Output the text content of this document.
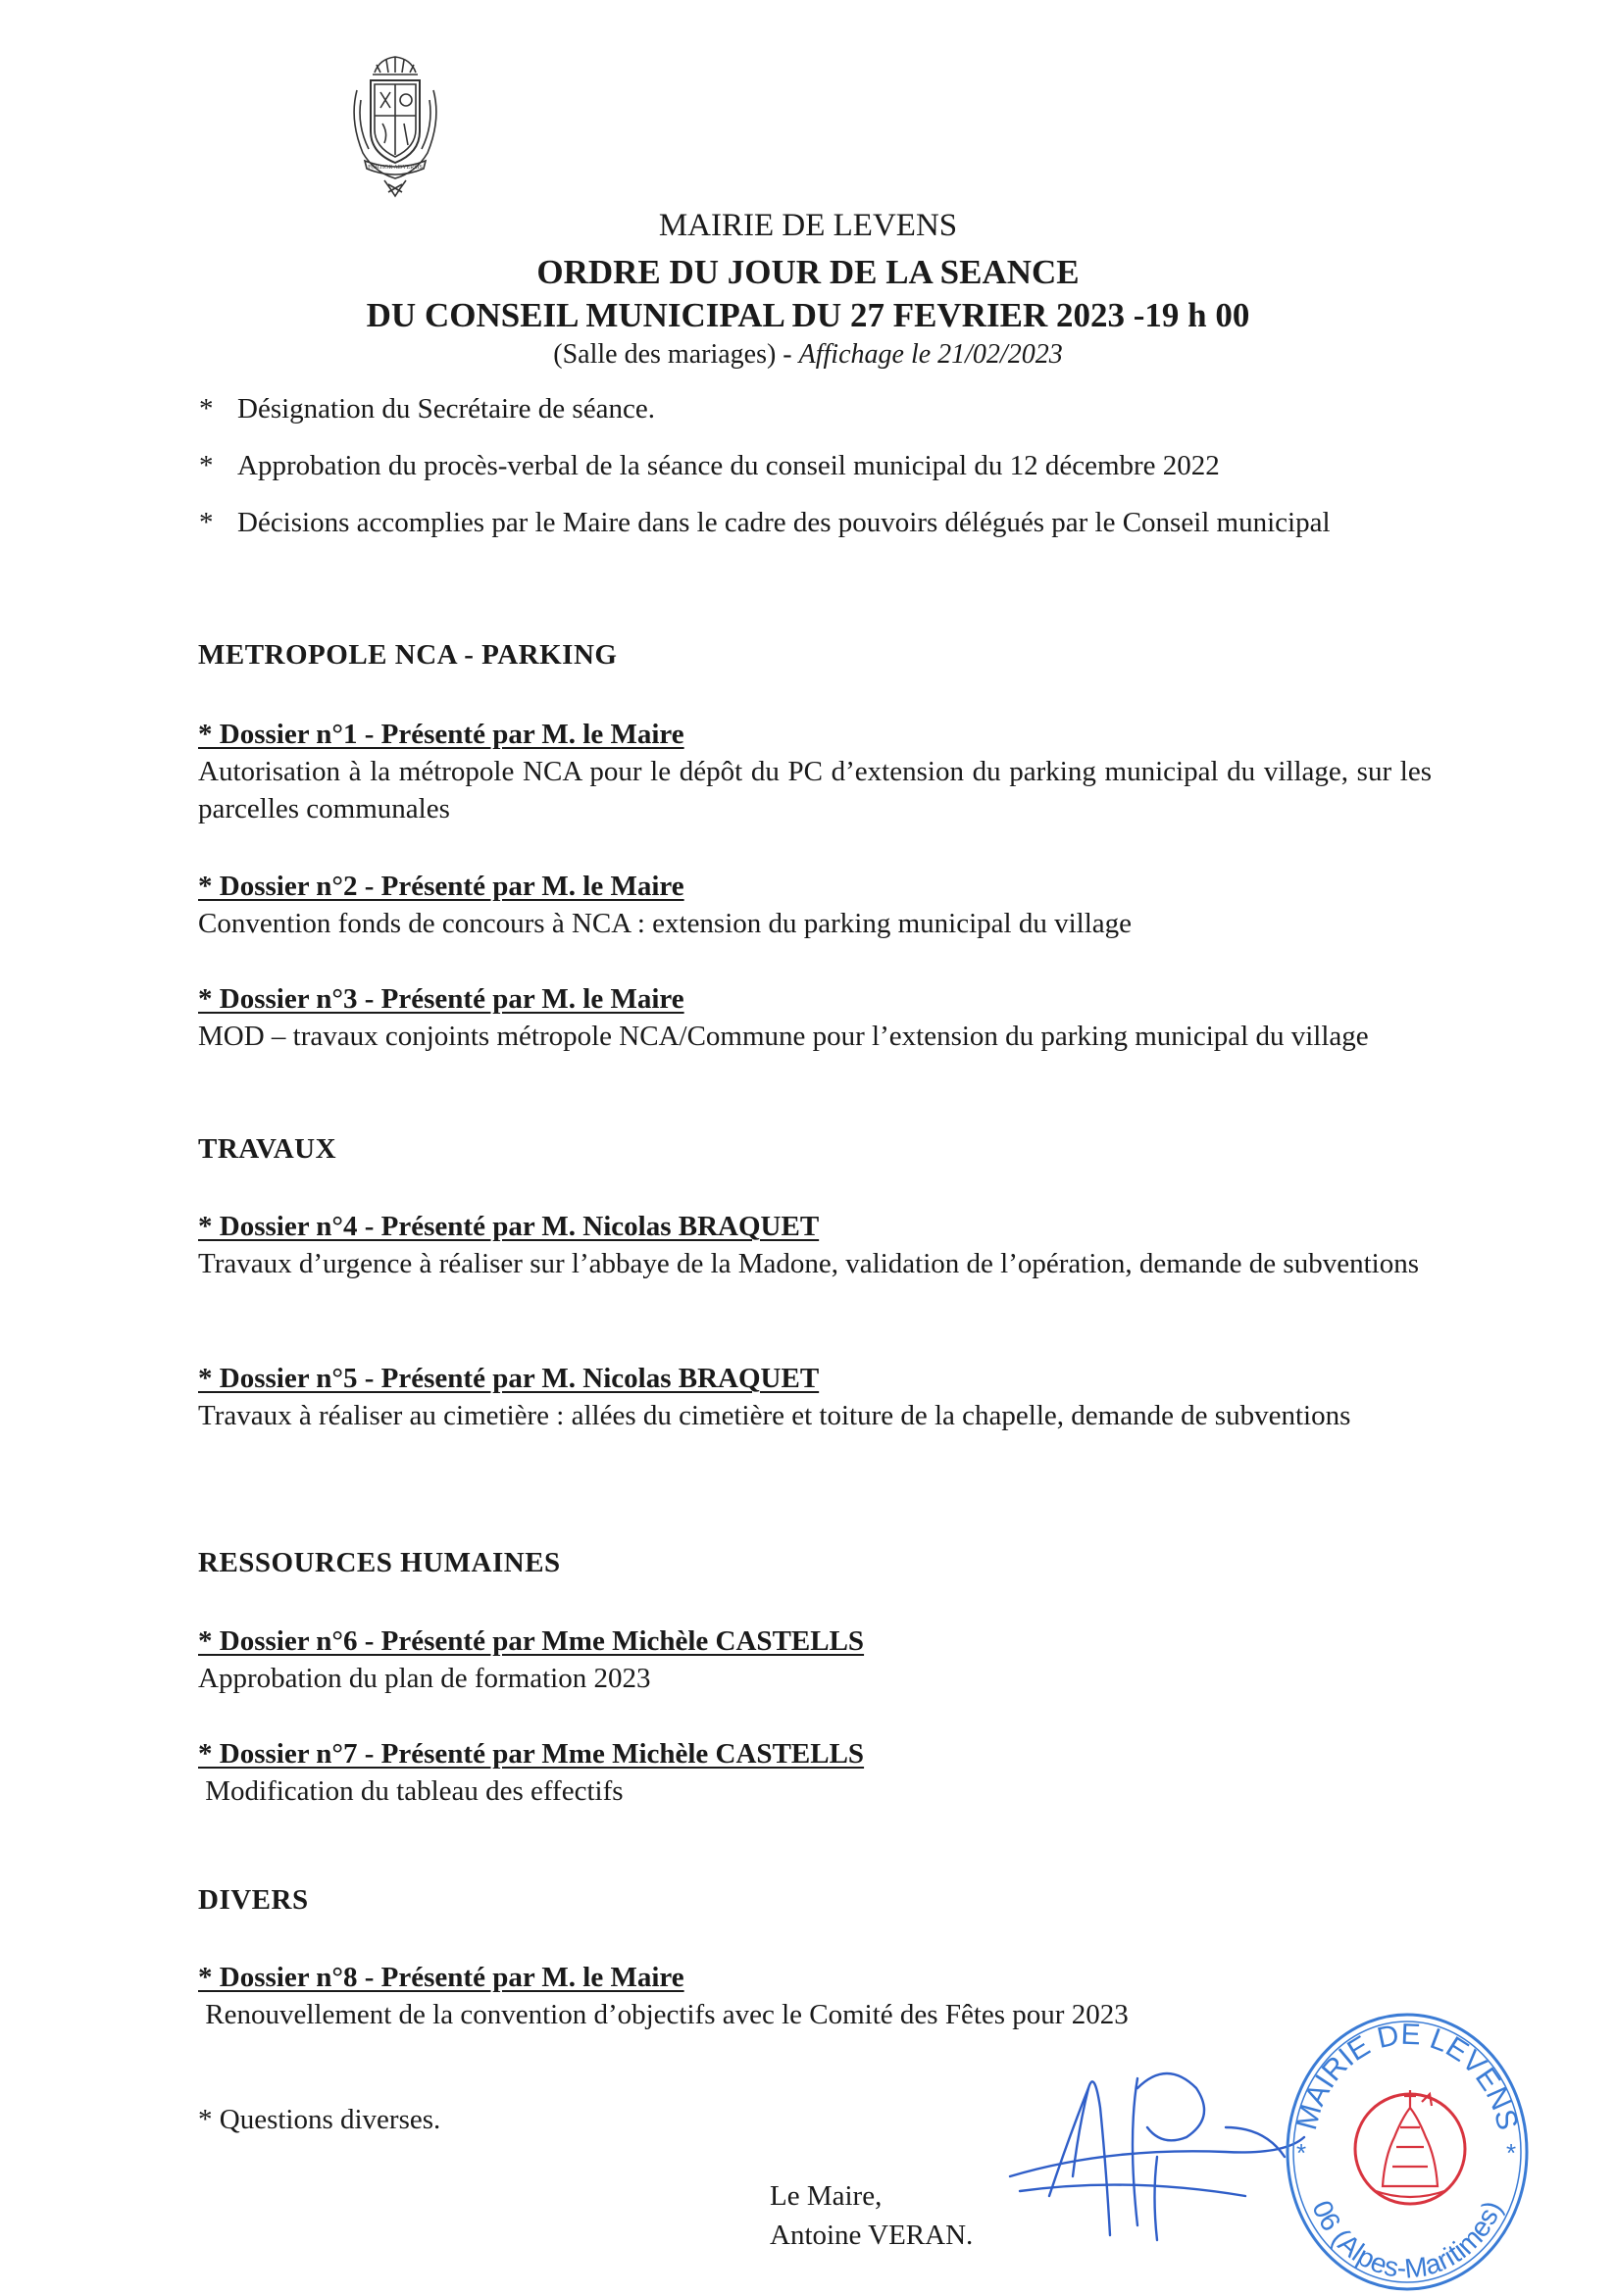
FORTIOR ADVERSIS
MAIRIE DE LEVENS
ORDRE DU JOUR DE LA SEANCE
DU CONSEIL MUNICIPAL DU 27 FEVRIER 2023 -19 h 00
(Salle des mariages) - Affichage le 21/02/2023
* Désignation du Secrétaire de séance.
* Approbation du procès-verbal de la séance du conseil municipal du 12 décembre 2022
* Décisions accomplies par le Maire dans le cadre des pouvoirs délégués par le Conseil municipal
METROPOLE NCA - PARKING
* Dossier n°1 - Présenté par M. le Maire
Autorisation à la métropole NCA pour le dépôt du PC d’extension du parking municipal du village, sur les parcelles communales
* Dossier n°2 - Présenté par M. le Maire
Convention fonds de concours à NCA : extension du parking municipal du village
* Dossier n°3 - Présenté par M. le Maire
MOD – travaux conjoints métropole NCA/Commune pour l’extension du parking municipal du village
TRAVAUX
* Dossier n°4 - Présenté par M. Nicolas BRAQUET
Travaux d’urgence à réaliser sur l’abbaye de la Madone, validation de l’opération, demande de subventions
* Dossier n°5 - Présenté par M. Nicolas BRAQUET
Travaux à réaliser au cimetière : allées du cimetière et toiture de la chapelle, demande de subventions
RESSOURCES HUMAINES
* Dossier n°6 - Présenté par Mme Michèle CASTELLS
Approbation du plan de formation 2023
* Dossier n°7 - Présenté par Mme Michèle CASTELLS
Modification du tableau des effectifs
DIVERS
* Dossier n°8 - Présenté par M. le Maire
Renouvellement de la convention d’objectifs avec le Comité des Fêtes pour 2023
* Questions diverses.
Le Maire,
Antoine VERAN.
MAIRIE DE LEVENS
06 (Alpes-Maritimes)
*	*
